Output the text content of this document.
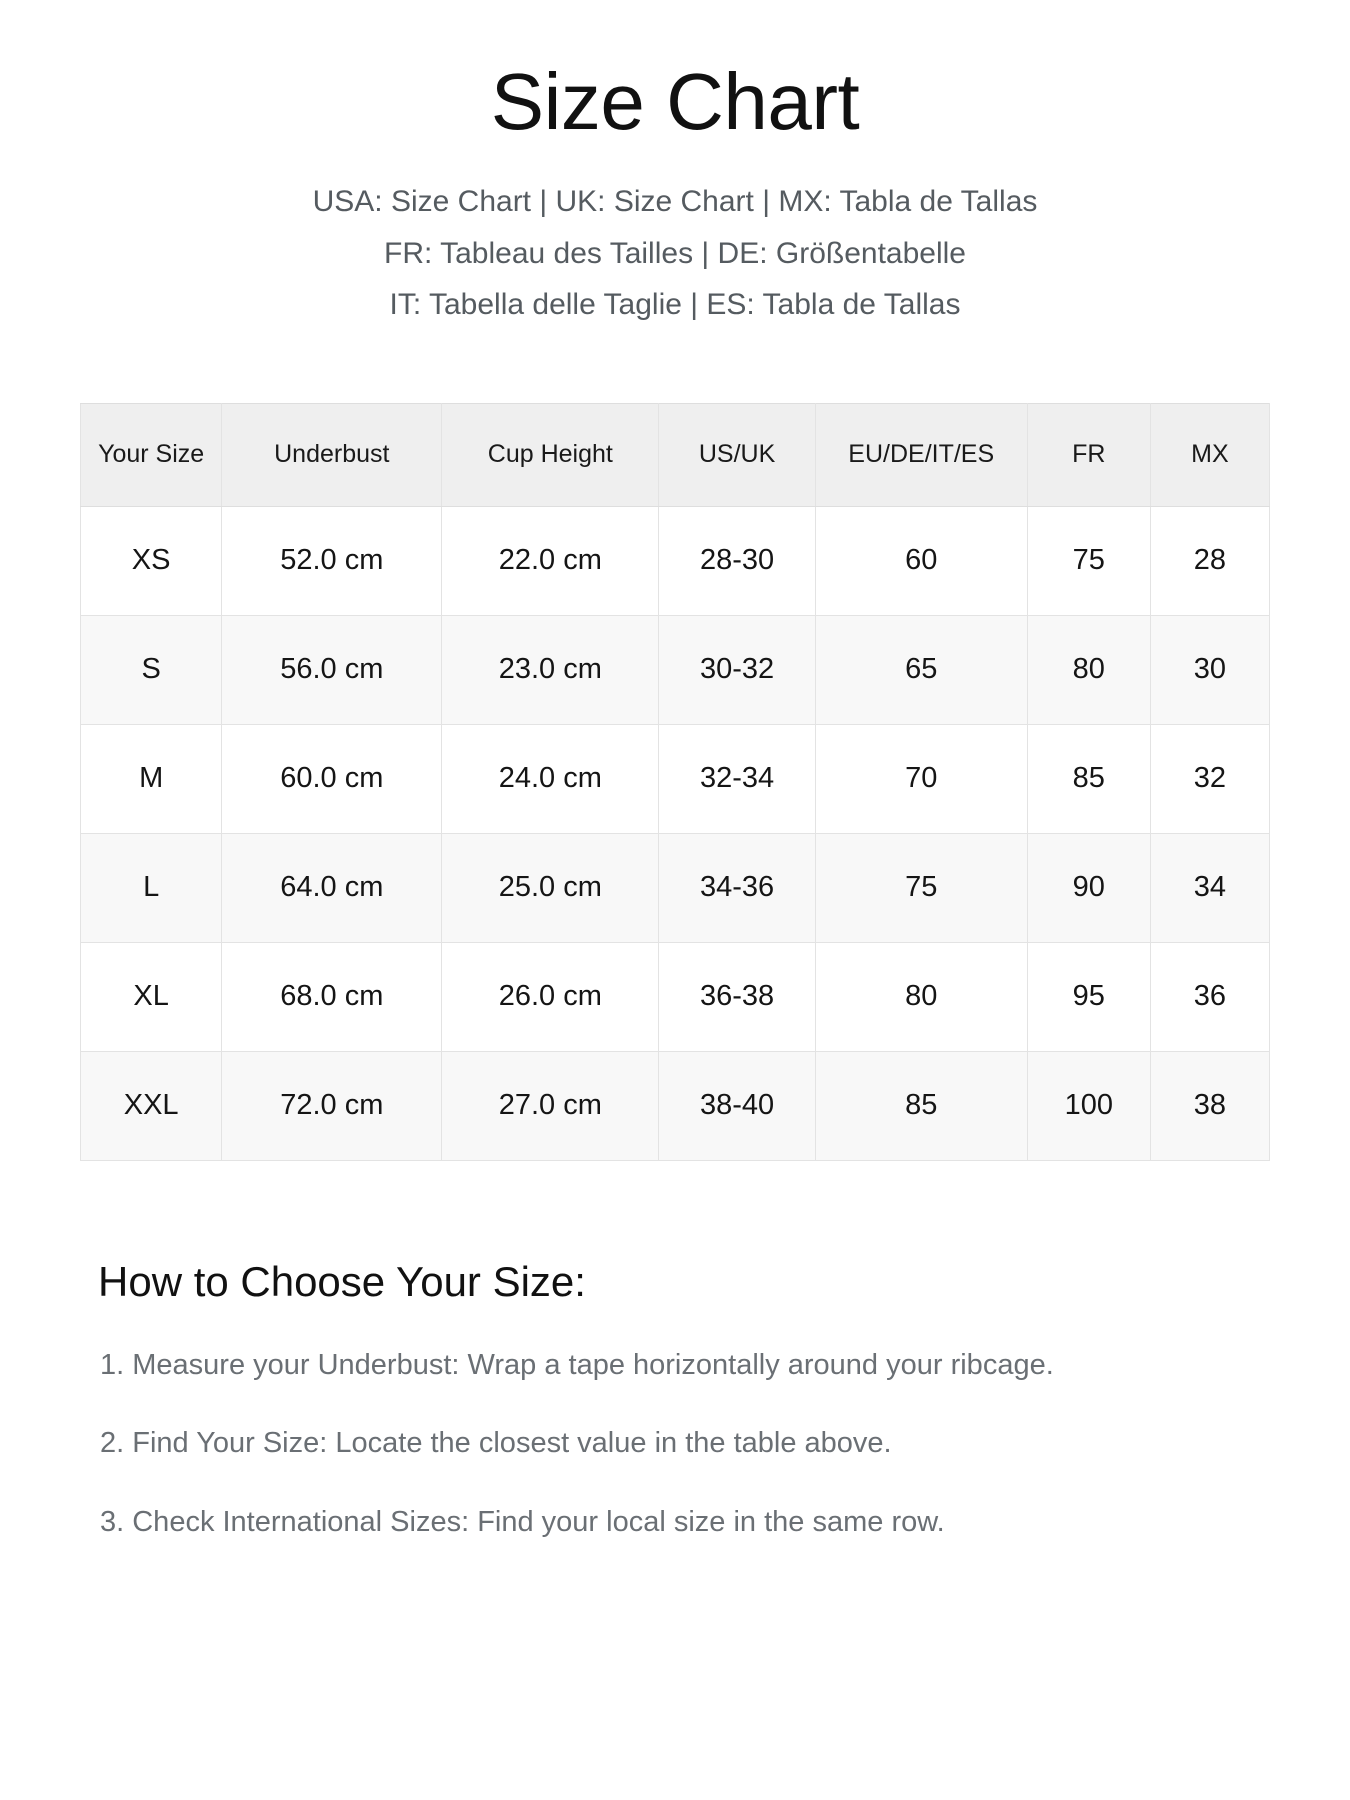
Size Chart
USA: Size Chart | UK: Size Chart | MX: Tabla de Tallas
FR: Tableau des Tailles | DE: Größentabelle
IT: Tabella delle Taglie | ES: Tabla de Tallas
Your Size	Underbust	Cup Height	US/UK	EU/DE/IT/ES	FR	MX
XS	52.0 cm	22.0 cm	28-30	60	75	28
S	56.0 cm	23.0 cm	30-32	65	80	30
M	60.0 cm	24.0 cm	32-34	70	85	32
L	64.0 cm	25.0 cm	34-36	75	90	34
XL	68.0 cm	26.0 cm	36-38	80	95	36
XXL	72.0 cm	27.0 cm	38-40	85	100	38
How to Choose Your Size:

1. Measure your Underbust: Wrap a tape horizontally around your ribcage.

2. Find Your Size: Locate the closest value in the table above.

3. Check International Sizes: Find your local size in the same row.
